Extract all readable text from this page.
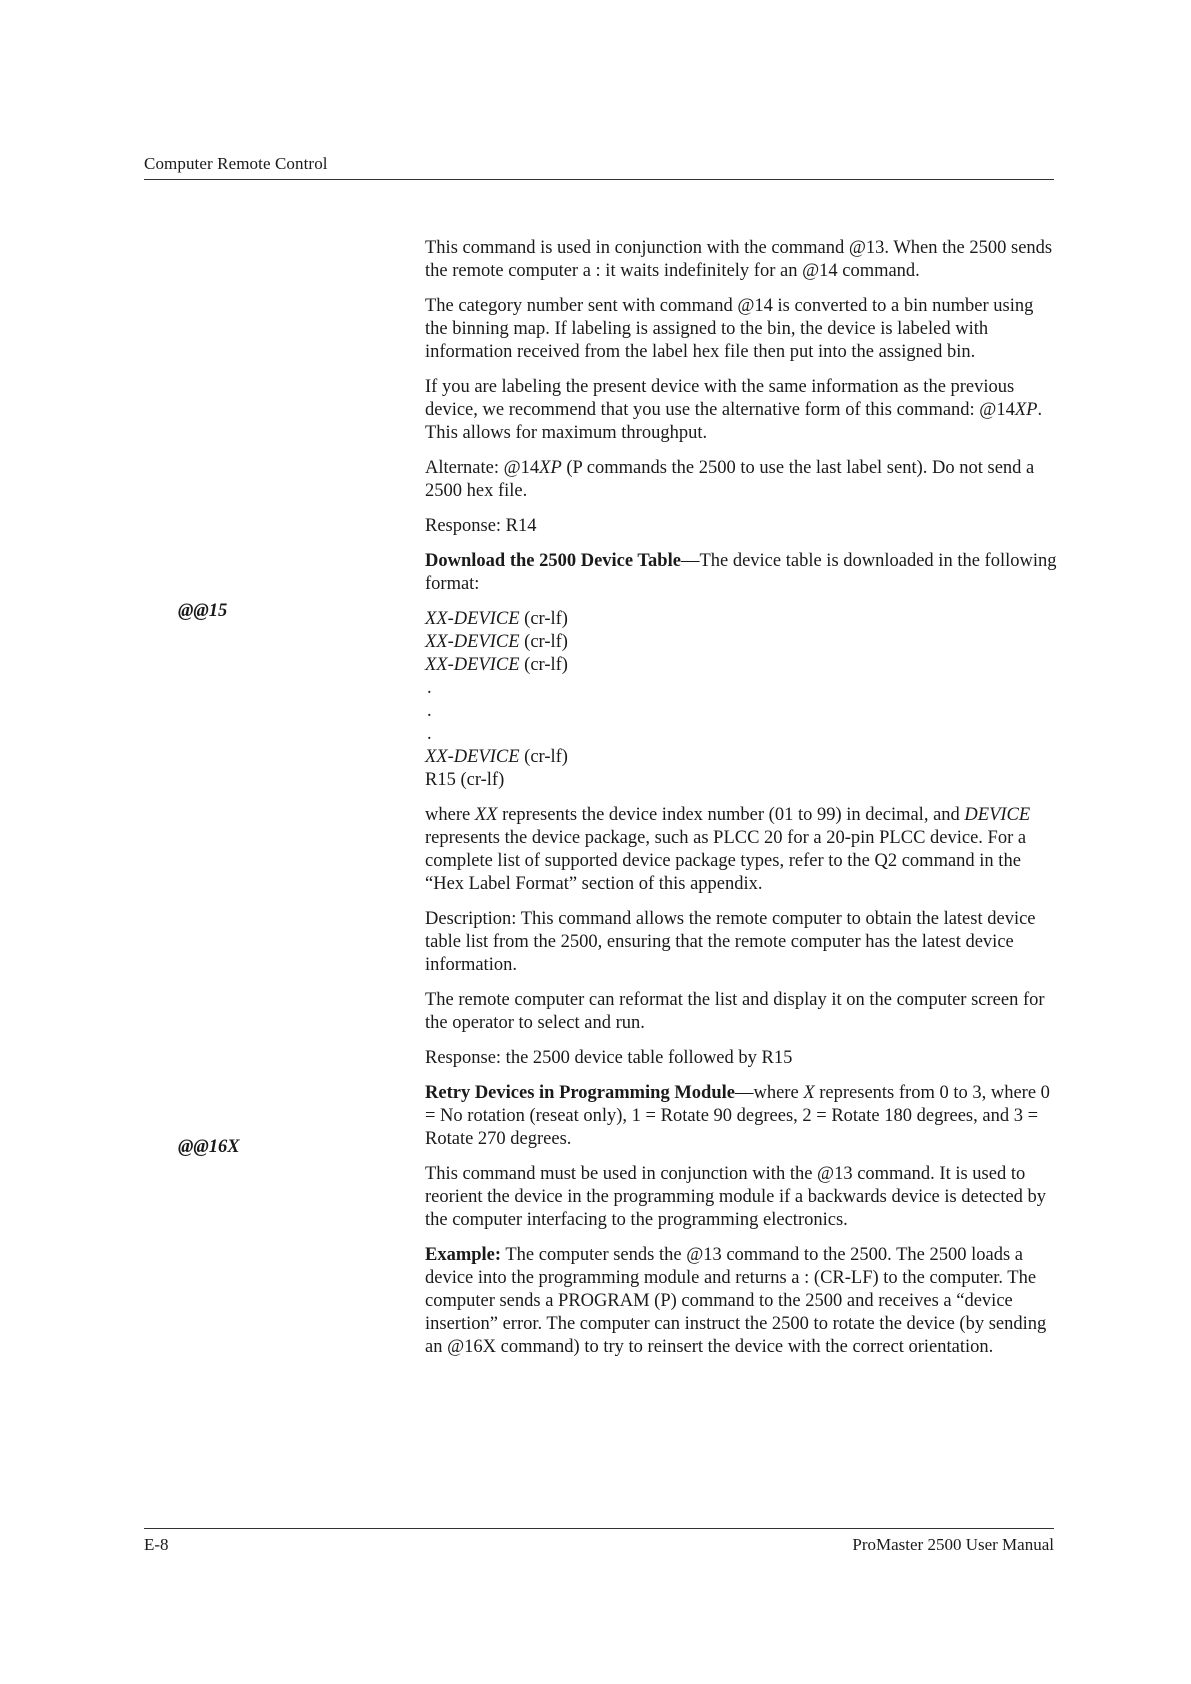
Computer Remote Control
@@15
@@16X

This command is used in conjunction with the command @13. When the 2500 sends the remote computer a : it waits indefinitely for an @14 command.

The category number sent with command @14 is converted to a bin number using the binning map. If labeling is assigned to the bin, the device is labeled with information received from the label hex file then put into the assigned bin.

If you are labeling the present device with the same information as the previous device, we recommend that you use the alternative form of this command: @14XP. This allows for maximum throughput.

Alternate: @14XP (P commands the 2500 to use the last label sent). Do not send a 2500 hex file.

Response: R14

Download the 2500 Device Table—The device table is downloaded in the following format:

XX-DEVICE (cr-lf)
XX-DEVICE (cr-lf)
XX-DEVICE (cr-lf)
.
.
.
XX-DEVICE (cr-lf)
R15 (cr-lf)

where XX represents the device index number (01 to 99) in decimal, and DEVICE represents the device package, such as PLCC 20 for a 20-pin PLCC device. For a complete list of supported device package types, refer to the Q2 command in the “Hex Label Format” section of this appendix.

Description: This command allows the remote computer to obtain the latest device table list from the 2500, ensuring that the remote computer has the latest device information.

The remote computer can reformat the list and display it on the computer screen for the operator to select and run.

Response: the 2500 device table followed by R15

Retry Devices in Programming Module—where X represents from 0 to 3, where 0 = No rotation (reseat only), 1 = Rotate 90 degrees, 2 = Rotate 180 degrees, and 3 = Rotate 270 degrees.

This command must be used in conjunction with the @13 command. It is used to reorient the device in the programming module if a backwards device is detected by the computer interfacing to the programming electronics.

Example: The computer sends the @13 command to the 2500. The 2500 loads a device into the programming module and returns a : (CR-LF) to the computer. The computer sends a PROGRAM (P) command to the 2500 and receives a “device insertion” error. The computer can instruct the 2500 to rotate the device (by sending an @16X command) to try to reinsert the device with the correct orientation.

E-8	ProMaster 2500 User Manual
